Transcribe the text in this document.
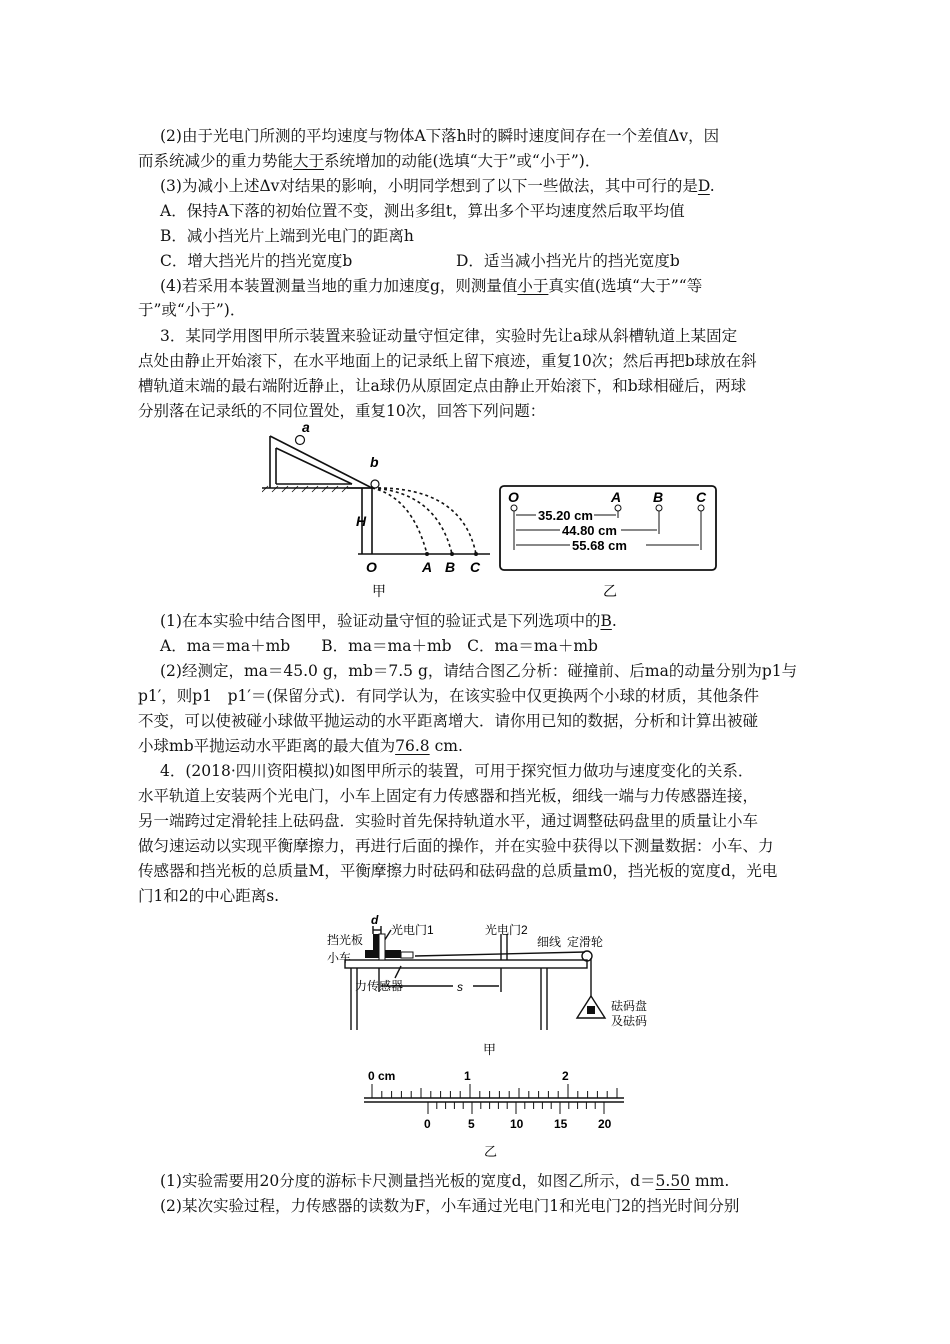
(2)由于光电门所测的平均速度与物体A下落h时的瞬时速度间存在一个差值Δv，因
而系统减少的重力势能大于系统增加的动能(选填“大于”或“小于”)．
(3)为减小上述Δv对结果的影响，小明同学想到了以下一些做法，其中可行的是D.
A．保持A下落的初始位置不变，测出多组t，算出多个平均速度然后取平均值
B．减小挡光片上端到光电门的距离h
C．增大挡光片的挡光宽度b	D．适当减小挡光片的挡光宽度b
(4)若采用本装置测量当地的重力加速度g，则测量值小于真实值(选填“大于”“等
于”或“小于”)．
3．某同学用图甲所示装置来验证动量守恒定律，实验时先让a球从斜槽轨道上某固定
点处由静止开始滚下，在水平地面上的记录纸上留下痕迹，重复10次；然后再把b球放在斜
槽轨道末端的最右端附近静止，让a球仍从原固定点由静止开始滚下，和b球相碰后，两球
分别落在记录纸的不同位置处，重复10次，回答下列问题：
a
b
H
O	A B C
甲
O	A B C
35.20 cm
44.80 cm
55.68 cm
乙
(1)在本实验中结合图甲，验证动量守恒的验证式是下列选项中的B.
A．ma＝ma＋mb　　B．ma＝ma＋mb　C．ma＝ma＋mb
(2)经测定，ma＝45.0 g，mb＝7.5 g，请结合图乙分析：碰撞前、后ma的动量分别为p1与
p1′，则p1　p1′＝(保留分式)．有同学认为，在该实验中仅更换两个小球的材质，其他条件
不变，可以使被碰小球做平抛运动的水平距离增大．请你用已知的数据，分析和计算出被碰
小球mb平抛运动水平距离的最大值为76.8 cm.
4．(2018·四川资阳模拟)如图甲所示的装置，可用于探究恒力做功与速度变化的关系．
水平轨道上安装两个光电门，小车上固定有力传感器和挡光板，细线一端与力传感器连接，
另一端跨过定滑轮挂上砝码盘．实验时首先保持轨道水平，通过调整砝码盘里的质量让小车
做匀速运动以实现平衡摩擦力，再进行后面的操作，并在实验中获得以下测量数据：小车、力
传感器和挡光板的总质量M，平衡摩擦力时砝码和砝码盘的总质量m0，挡光板的宽度d，光电
门1和2的中心距离s.
d
光电门1	光电门2
挡光板
小车
细线 定滑轮
力传感器	s
砝码盘
及砝码
甲
0 cm	1	2
0	5	10	15	20
乙
(1)实验需要用20分度的游标卡尺测量挡光板的宽度d，如图乙所示，d＝5.50 mm.
(2)某次实验过程，力传感器的读数为F，小车通过光电门1和光电门2的挡光时间分别
